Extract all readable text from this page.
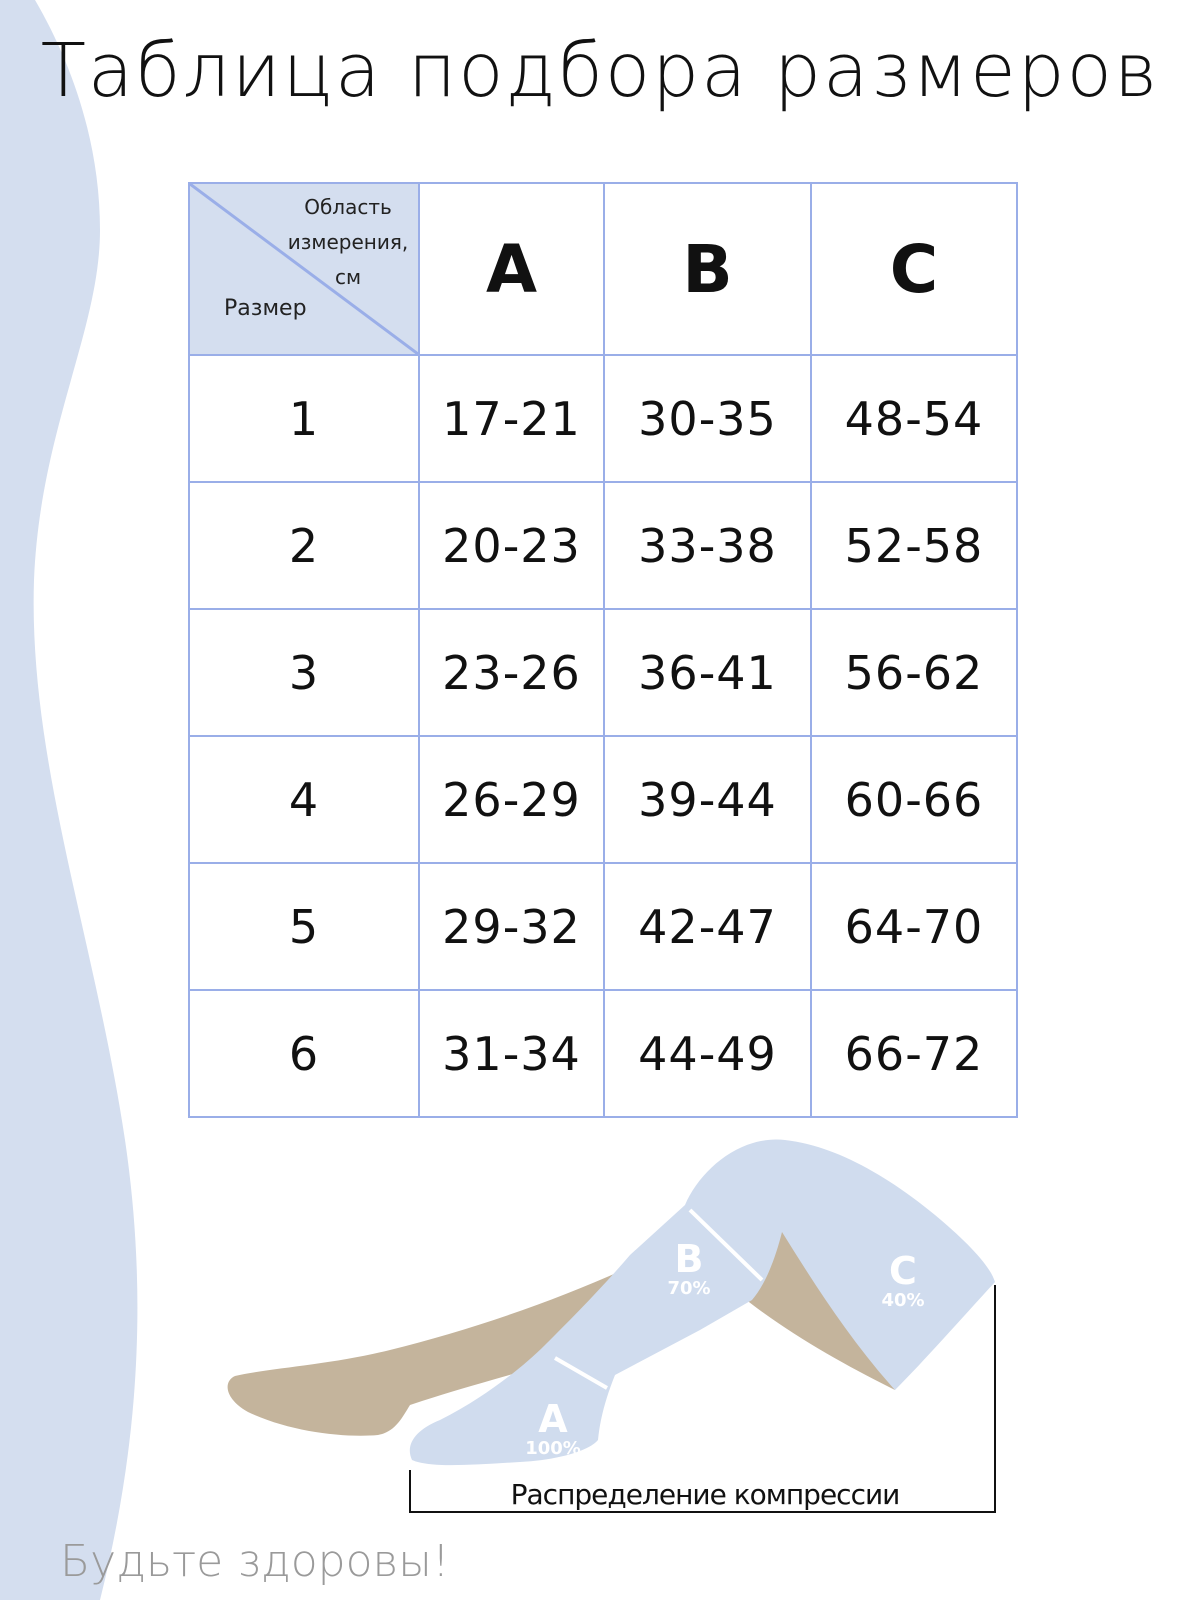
Таблица подбора размеров
Область
измерения,
см
Размер	A	B	C
1	17-21	30-35	48-54
2	20-23	33-38	52-58
3	23-26	36-41	56-62
4	26-29	39-44	60-66
5	29-32	42-47	64-70
6	31-34	44-49	66-72
A
100%
B
70%	C
40%
Распределение компрессии
Будьте здоровы!
